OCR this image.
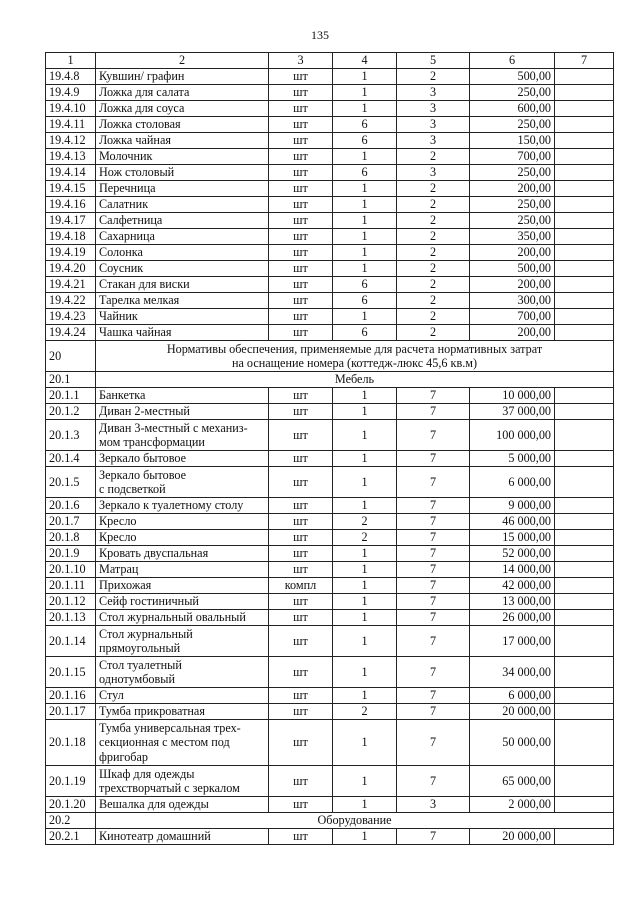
135
1	2	3	4	5	6	7
19.4.8	Кувшин/ графин	шт	1	2	500,00	
19.4.9	Ложка для салата	шт	1	3	250,00	
19.4.10	Ложка для соуса	шт	1	3	600,00	
19.4.11	Ложка столовая	шт	6	3	250,00	
19.4.12	Ложка чайная	шт	6	3	150,00	
19.4.13	Молочник	шт	1	2	700,00	
19.4.14	Нож столовый	шт	6	3	250,00	
19.4.15	Перечница	шт	1	2	200,00	
19.4.16	Салатник	шт	1	2	250,00	
19.4.17	Салфетница	шт	1	2	250,00	
19.4.18	Сахарница	шт	1	2	350,00	
19.4.19	Солонка	шт	1	2	200,00	
19.4.20	Соусник	шт	1	2	500,00	
19.4.21	Стакан для виски	шт	6	2	200,00	
19.4.22	Тарелка мелкая	шт	6	2	300,00	
19.4.23	Чайник	шт	1	2	700,00	
19.4.24	Чашка чайная	шт	6	2	200,00	
20	Нормативы обеспечения, применяемые для расчета нормативных затрат
на оснащение номера (коттедж-люкс 45,6 кв.м)					
20.1	Мебель					
20.1.1	Банкетка	шт	1	7	10 000,00	
20.1.2	Диван 2-местный	шт	1	7	37 000,00	
20.1.3	Диван 3-местный с механиз-
мом трансформации	шт	1	7	100 000,00	
20.1.4	Зеркало бытовое	шт	1	7	5 000,00	
20.1.5	Зеркало бытовое
с подсветкой	шт	1	7	6 000,00	
20.1.6	Зеркало к туалетному столу	шт	1	7	9 000,00	
20.1.7	Кресло	шт	2	7	46 000,00	
20.1.8	Кресло	шт	2	7	15 000,00	
20.1.9	Кровать двуспальная	шт	1	7	52 000,00	
20.1.10	Матрац	шт	1	7	14 000,00	
20.1.11	Прихожая	компл	1	7	42 000,00	
20.1.12	Сейф гостиничный	шт	1	7	13 000,00	
20.1.13	Стол журнальный овальный	шт	1	7	26 000,00	
20.1.14	Стол журнальный
прямоугольный	шт	1	7	17 000,00	
20.1.15	Стол туалетный
однотумбовый	шт	1	7	34 000,00	
20.1.16	Стул	шт	1	7	6 000,00	
20.1.17	Тумба прикроватная	шт	2	7	20 000,00	
20.1.18	Тумба универсальная трех-
секционная с местом под
фригобар	шт	1	7	50 000,00	
20.1.19	Шкаф для одежды
трехстворчатый с зеркалом	шт	1	7	65 000,00	
20.1.20	Вешалка для одежды	шт	1	3	2 000,00	
20.2	Оборудование					
20.2.1	Кинотеатр домашний	шт	1	7	20 000,00	
